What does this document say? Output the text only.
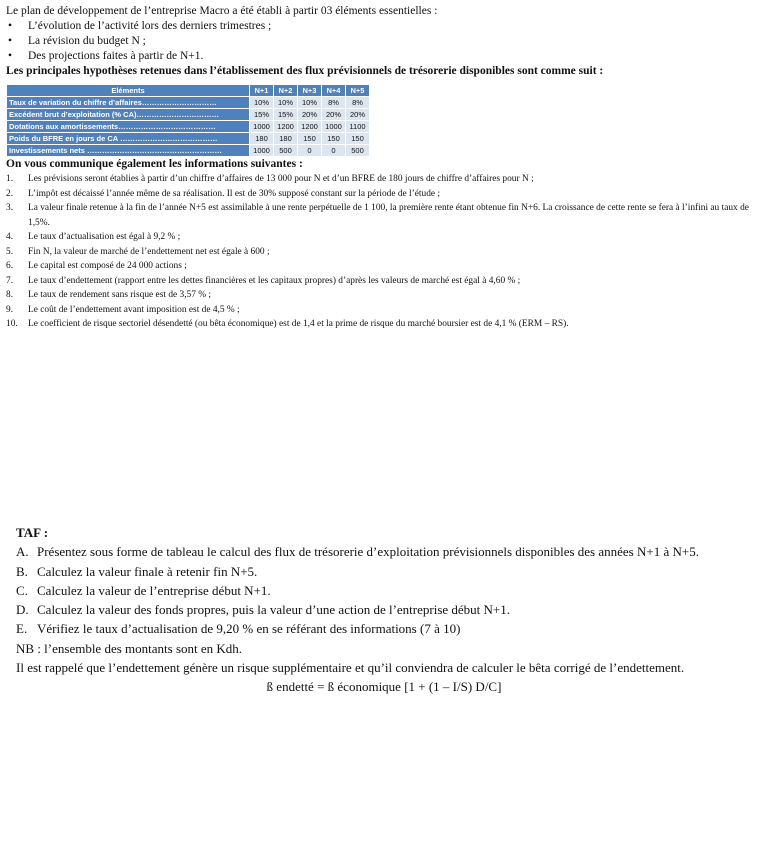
Le plan de développement de l’entreprise Macro a été établi à partir 03 éléments essentielles :

• L’évolution de l’activité lors des derniers trimestres ;
• La révision du budget N ;
• Des projections faites à partir de N+1.

Les principales hypothèses retenues dans l’établissement des flux prévisionnels de trésorerie disponibles sont comme suit :

Eléments	N+1	N+2	N+3	N+4	N+5
Taux de variation du chiffre d’affaires…………………………	10%	10%	10%	8%	8%
Excédent brut d’exploitation (% CA)……………………………	15%	15%	20%	20%	20%
Dotations aux amortissements…………………………………	1000	1200	1200	1000	1100
Poids du BFRE en jours de CA …………………………………	180	180	150	150	150
Investissements nets ………………………………………………	1000	500	0	0	500

On vous communique également les informations suivantes :

1. Les prévisions seront établies à partir d’un chiffre d’affaires de 13 000 pour N et d’un BFRE de 180 jours de chiffre d’affaires pour N ;
2. L’impôt est décaissé l’année même de sa réalisation. Il est de 30% supposé constant sur la période de l’étude ;
3. La valeur finale retenue à la fin de l’année N+5 est assimilable à une rente perpétuelle de 1 100, la première rente étant obtenue fin N+6. La croissance de cette rente se fera à l’infini au taux de 1,5%.
4. Le taux d’actualisation est égal à 9,2 % ;
5. Fin N, la valeur de marché de l’endettement net est égale à 600 ;
6. Le capital est composé de 24 000 actions ;
7. Le taux d’endettement (rapport entre les dettes financières et les capitaux propres) d’après les valeurs de marché est égal à 4,60 % ;
8. Le taux de rendement sans risque est de 3,57 % ;
9. Le coût de l’endettement avant imposition est de 4,5 % ;
10. Le coefficient de risque sectoriel désendetté (ou bêta économique) est de 1,4 et la prime de risque du marché boursier est de 4,1 % (ERM – RS).

TAF :

A. Présentez sous forme de tableau le calcul des flux de trésorerie d’exploitation prévisionnels disponibles des années N+1 à N+5.
B. Calculez la valeur finale à retenir fin N+5.
C. Calculez la valeur de l’entreprise début N+1.
D. Calculez la valeur des fonds propres, puis la valeur d’une action de l’entreprise début N+1.
E. Vérifiez le taux d’actualisation de 9,20 % en se référant des informations (7 à 10)

NB : l’ensemble des montants sont en Kdh.

Il est rappelé que l’endettement génère un risque supplémentaire et qu’il conviendra de calculer le bêta corrigé de l’endettement.

ß endetté = ß économique [1 + (1 – I/S) D/C]
